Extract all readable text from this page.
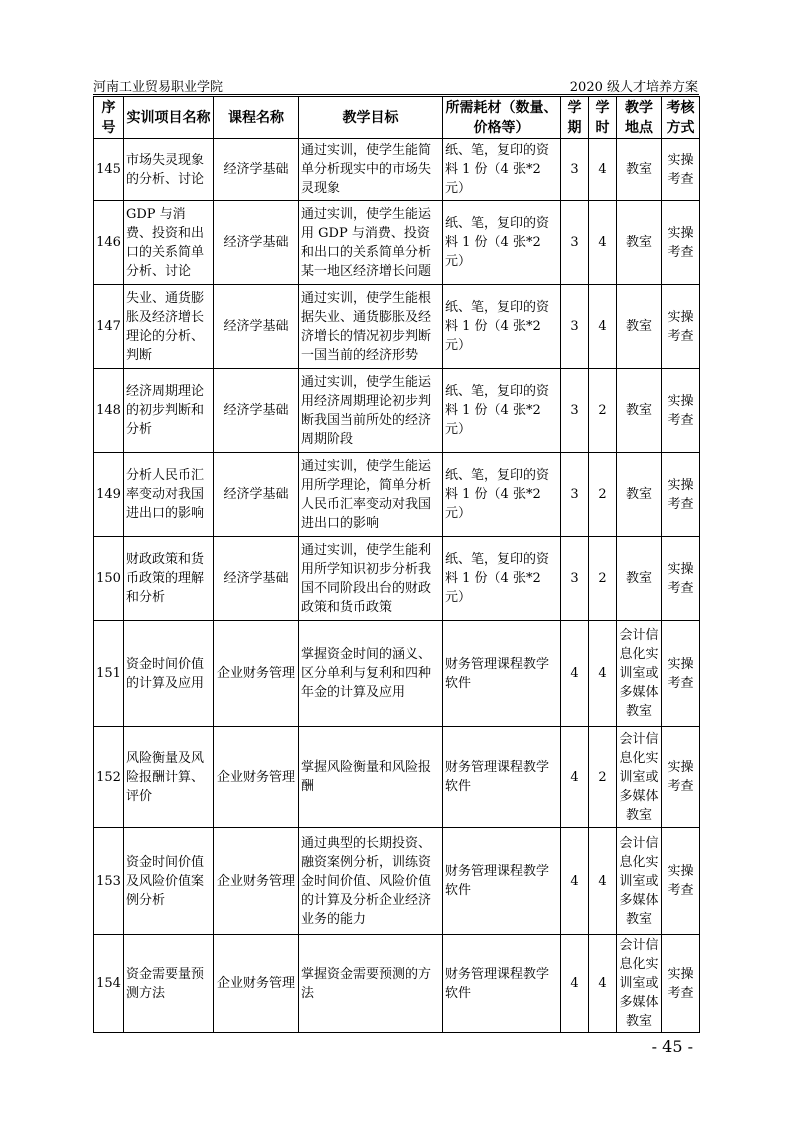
河南工业贸易职业学院	2020 级人才培养方案
序号	实训项目名称	课程名称	教学目标	所需耗材（数量、价格等）	学期	学时	教学地点	考核方式
145	市场失灵现象的分析、讨论	经济学基础	通过实训，使学生能简单分析现实中的市场失灵现象	纸、笔，复印的资料 1 份（4 张*2 元）	3	4	教室	实操考查
146	GDP 与消费、投资和出口的关系简单分析、讨论	经济学基础	通过实训，使学生能运用 GDP 与消费、投资和出口的关系简单分析某一地区经济增长问题	纸、笔，复印的资料 1 份（4 张*2 元）	3	4	教室	实操考查
147	失业、通货膨胀及经济增长理论的分析、判断	经济学基础	通过实训，使学生能根据失业、通货膨胀及经济增长的情况初步判断一国当前的经济形势	纸、笔，复印的资料 1 份（4 张*2 元）	3	4	教室	实操考查
148	经济周期理论的初步判断和分析	经济学基础	通过实训，使学生能运用经济周期理论初步判断我国当前所处的经济周期阶段	纸、笔，复印的资料 1 份（4 张*2 元）	3	2	教室	实操考查
149	分析人民币汇率变动对我国进出口的影响	经济学基础	通过实训，使学生能运用所学理论，简单分析人民币汇率变动对我国进出口的影响	纸、笔，复印的资料 1 份（4 张*2 元）	3	2	教室	实操考查
150	财政政策和货币政策的理解和分析	经济学基础	通过实训，使学生能利用所学知识初步分析我国不同阶段出台的财政政策和货币政策	纸、笔，复印的资料 1 份（4 张*2 元）	3	2	教室	实操考查
151	资金时间价值的计算及应用	企业财务管理	掌握资金时间的涵义、区分单利与复利和四种年金的计算及应用	财务管理课程教学软件	4	4	会计信息化实训室或多媒体教室	实操考查
152	风险衡量及风险报酬计算、评价	企业财务管理	掌握风险衡量和风险报酬	财务管理课程教学软件	4	2	会计信息化实训室或多媒体教室	实操考查
153	资金时间价值及风险价值案例分析	企业财务管理	通过典型的长期投资、融资案例分析，训练资金时间价值、风险价值的计算及分析企业经济业务的能力	财务管理课程教学软件	4	4	会计信息化实训室或多媒体教室	实操考查
154	资金需要量预测方法	企业财务管理	掌握资金需要预测的方法	财务管理课程教学软件	4	4	会计信息化实训室或多媒体教室	实操考查
- 45 -
